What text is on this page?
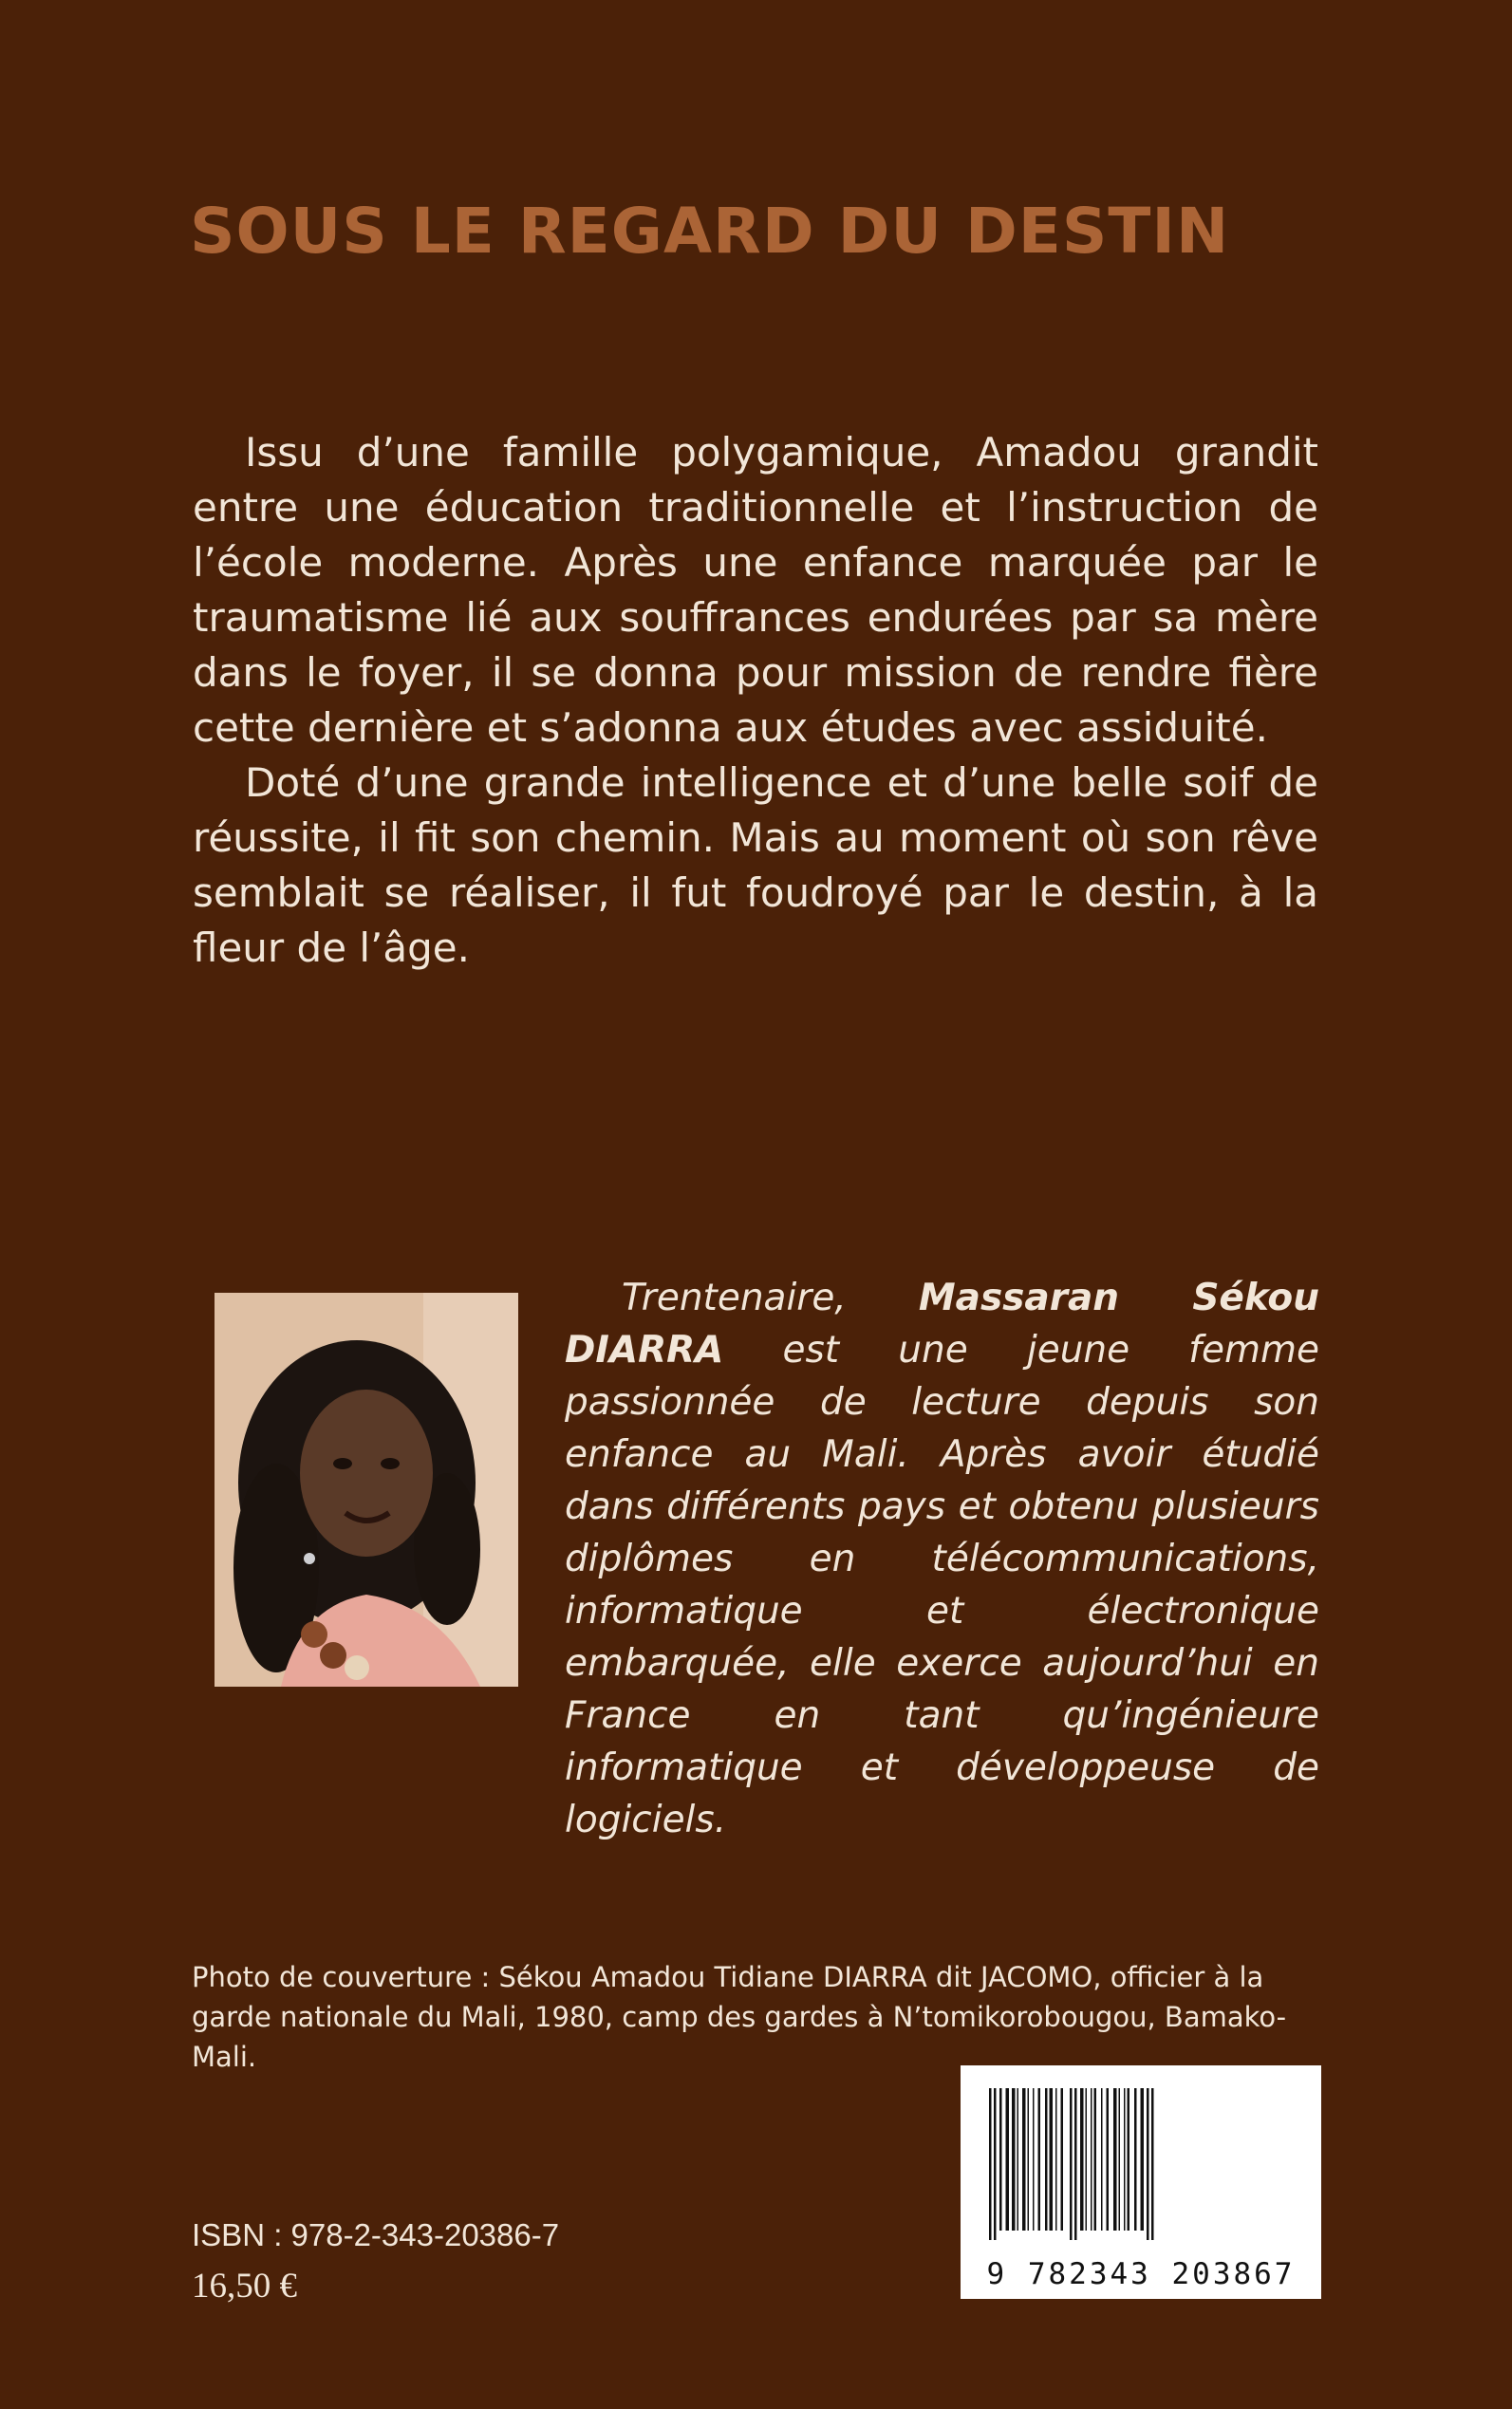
SOUS LE REGARD DU DESTIN

Issu d’une famille polygamique, Amadou grandit entre une éducation traditionnelle et l’instruction de l’école moderne. Après une enfance marquée par le traumatisme lié aux souffrances endurées par sa mère dans le foyer, il se donna pour mission de rendre fière cette dernière et s’adonna aux études avec assiduité.

Doté d’une grande intelligence et d’une belle soif de réussite, il fit son chemin. Mais au moment où son rêve semblait se réaliser, il fut foudroyé par le destin, à la fleur de l’âge.

Trentenaire, Massaran Sékou DIARRA est une jeune femme passionnée de lecture depuis son enfance au Mali. Après avoir étudié dans différents pays et obtenu plusieurs diplômes en télécommunications, informatique et électronique embarquée, elle exerce aujourd’hui en France en tant qu’ingénieure informatique et développeuse de logiciels.

Photo de couverture : Sékou Amadou Tidiane DIARRA dit JACOMO, officier à la garde nationale du Mali, 1980, camp des gardes à N’tomikorobougou, Bamako-Mali.

9 782343 203867

ISBN : 978-2-343-20386-7

16,50 €
